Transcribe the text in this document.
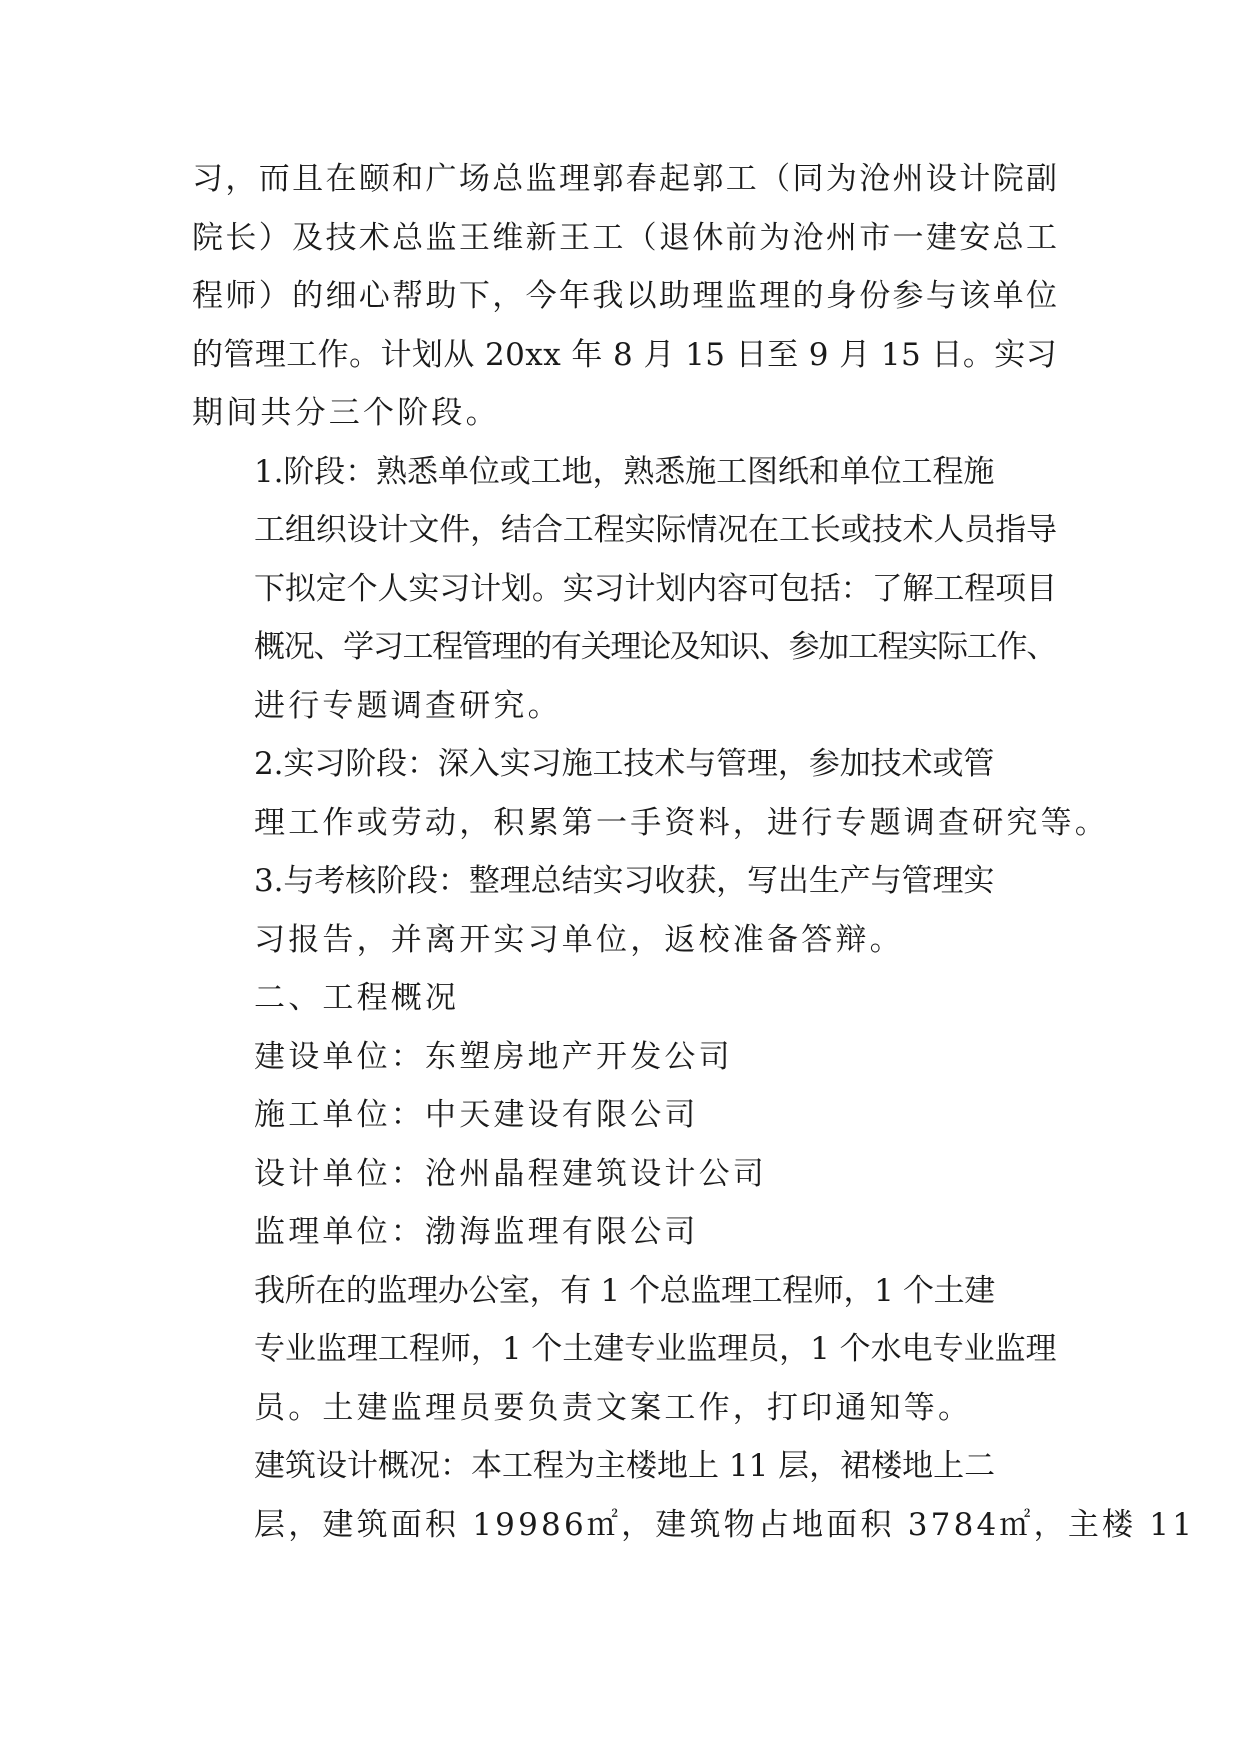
习，而且在颐和广场总监理郭春起郭工（同为沧州设计院副
院长）及技术总监王维新王工（退休前为沧州市一建安总工
程师）的细心帮助下，今年我以助理监理的身份参与该单位
的管理工作。计划从 20xx 年 8 月 15 日至 9 月 15 日。实习
期间共分三个阶段。
1.阶段：熟悉单位或工地，熟悉施工图纸和单位工程施
工组织设计文件，结合工程实际情况在工长或技术人员指导
下拟定个人实习计划。实习计划内容可包括：了解工程项目
概况、学习工程管理的有关理论及知识、参加工程实际工作、
进行专题调查研究。
2.实习阶段：深入实习施工技术与管理，参加技术或管
理工作或劳动，积累第一手资料，进行专题调查研究等。
3.与考核阶段：整理总结实习收获，写出生产与管理实
习报告，并离开实习单位，返校准备答辩。
二、工程概况
建设单位：东塑房地产开发公司
施工单位：中天建设有限公司
设计单位：沧州晶程建筑设计公司
监理单位：渤海监理有限公司
我所在的监理办公室，有 1 个总监理工程师，1 个土建
专业监理工程师，1 个土建专业监理员，1 个水电专业监理
员。土建监理员要负责文案工作，打印通知等。
建筑设计概况：本工程为主楼地上 11 层，裙楼地上二
层，建筑面积 19986㎡，建筑物占地面积 3784㎡，主楼 11
